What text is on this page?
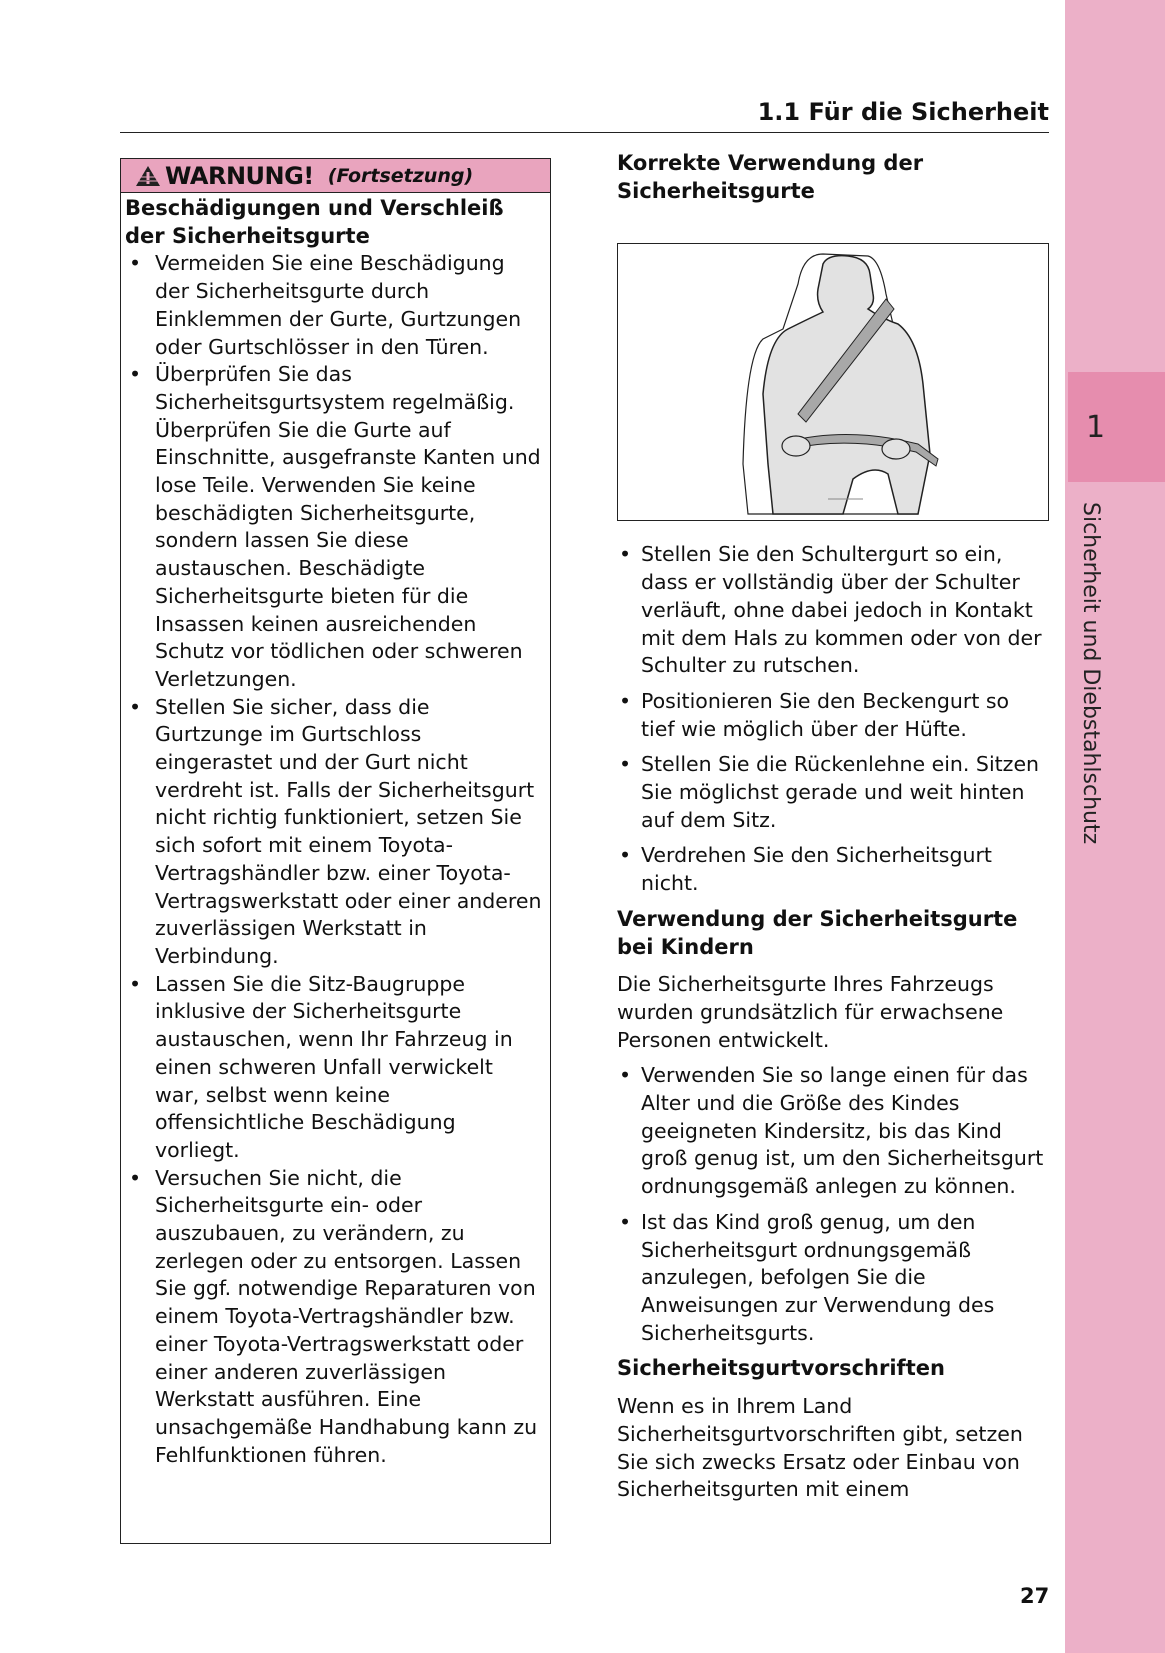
1
Sicherheit und Diebstahlschutz
1.1 Für die Sicherheit
WARNUNG! (Fortsetzung)
Beschädigungen und Verschleiß der Sicherheitsgurte
• Vermeiden Sie eine Beschädigung der Sicherheitsgurte durch Einklemmen der Gurte, Gurtzungen oder Gurtschlösser in den Türen.
• Überprüfen Sie das Sicherheitsgurtsystem regelmäßig. Überprüfen Sie die Gurte auf Einschnitte, ausgefranste Kanten und lose Teile. Verwenden Sie keine beschädigten Sicherheitsgurte, sondern lassen Sie diese austauschen. Beschädigte Sicherheitsgurte bieten für die Insassen keinen ausreichenden Schutz vor tödlichen oder schweren Verletzungen.
• Stellen Sie sicher, dass die Gurtzunge im Gurtschloss eingerastet und der Gurt nicht verdreht ist. Falls der Sicherheitsgurt nicht richtig funktioniert, setzen Sie sich sofort mit einem Toyota-Vertragshändler bzw. einer Toyota-Vertragswerkstatt oder einer anderen zuverlässigen Werkstatt in Verbindung.
• Lassen Sie die Sitz-Baugruppe inklusive der Sicherheitsgurte austauschen, wenn Ihr Fahrzeug in einen schweren Unfall verwickelt war, selbst wenn keine offensichtliche Beschädigung vorliegt.
• Versuchen Sie nicht, die Sicherheitsgurte ein- oder auszubauen, zu verändern, zu zerlegen oder zu entsorgen. Lassen Sie ggf. notwendige Reparaturen von einem Toyota-Vertragshändler bzw. einer Toyota-Vertragswerkstatt oder einer anderen zuverlässigen Werkstatt ausführen. Eine unsachgemäße Handhabung kann zu Fehlfunktionen führen.
Korrekte Verwendung der Sicherheitsgurte
• Stellen Sie den Schultergurt so ein, dass er vollständig über der Schulter verläuft, ohne dabei jedoch in Kontakt mit dem Hals zu kommen oder von der Schulter zu rutschen.
• Positionieren Sie den Beckengurt so tief wie möglich über der Hüfte.
• Stellen Sie die Rückenlehne ein. Sitzen Sie möglichst gerade und weit hinten auf dem Sitz.
• Verdrehen Sie den Sicherheitsgurt nicht.
Verwendung der Sicherheitsgurte bei Kindern
Die Sicherheitsgurte Ihres Fahrzeugs wurden grundsätzlich für erwachsene Personen entwickelt.
• Verwenden Sie so lange einen für das Alter und die Größe des Kindes geeigneten Kindersitz, bis das Kind groß genug ist, um den Sicherheitsgurt ordnungsgemäß anlegen zu können.
• Ist das Kind groß genug, um den Sicherheitsgurt ordnungsgemäß anzulegen, befolgen Sie die Anweisungen zur Verwendung des Sicherheitsgurts.
Sicherheitsgurtvorschriften
Wenn es in Ihrem Land Sicherheitsgurtvorschriften gibt, setzen Sie sich zwecks Ersatz oder Einbau von Sicherheitsgurten mit einem
27
